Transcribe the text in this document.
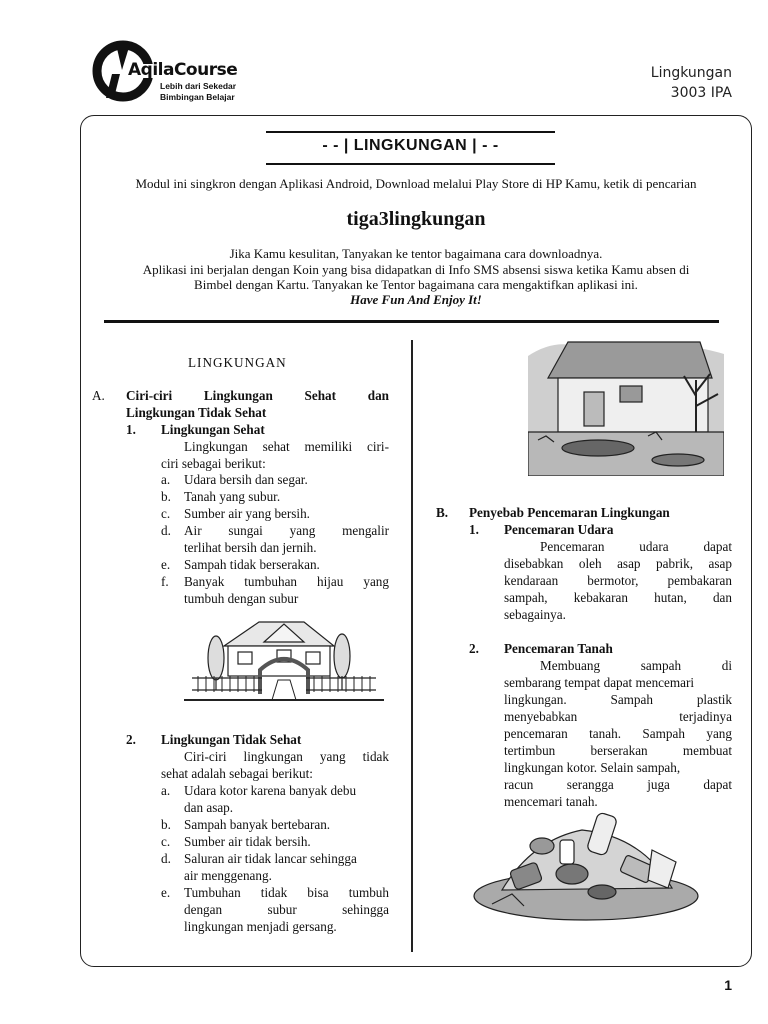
AqilaCourse
Lebih dari Sekedar
Bimbingan Belajar
Lingkungan
3003 IPA
- - | LINGKUNGAN | - -
Modul ini singkron dengan Aplikasi Android, Download melalui Play Store di HP Kamu, ketik di pencarian
tiga3lingkungan
Jika Kamu kesulitan, Tanyakan ke tentor bagaimana cara downloadnya.
Aplikasi ini berjalan dengan Koin yang bisa didapatkan di Info SMS absensi siswa ketika Kamu absen di
Bimbel dengan Kartu. Tanyakan ke Tentor bagaimana cara mengaktifkan aplikasi ini.
Have Fun And Enjoy It!
LINGKUNGAN
A. Ciri-ciri Lingkungan Sehat dan
Lingkungan Tidak Sehat
1. Lingkungan Sehat
Lingkungan sehat memiliki ciri-
ciri sebagai berikut:
a. Udara bersih dan segar.
b. Tanah yang subur.
c. Sumber air yang bersih.
d. Air sungai yang mengalir
terlihat bersih dan jernih.
e. Sampah tidak berserakan.
f. Banyak tumbuhan hijau yang
tumbuh dengan subur
2. Lingkungan Tidak Sehat
Ciri-ciri lingkungan yang tidak
sehat adalah sebagai berikut:
a. Udara kotor karena banyak debu
dan asap.
b. Sampah banyak bertebaran.
c. Sumber air tidak bersih.
d. Saluran air tidak lancar sehingga
air menggenang.
e. Tumbuhan tidak bisa tumbuh
dengan subur sehingga
lingkungan menjadi gersang.
B. Penyebab Pencemaran Lingkungan
1. Pencemaran Udara
Pencemaran udara dapat
disebabkan oleh asap pabrik, asap
kendaraan bermotor, pembakaran
sampah, kebakaran hutan, dan
sebagainya.
2. Pencemaran Tanah
Membuang sampah di
sembarang tempat dapat mencemari
lingkungan. Sampah plastik
menyebabkan terjadinya
pencemaran tanah. Sampah yang
tertimbun berserakan membuat
lingkungan kotor. Selain sampah,
racun serangga juga dapat
mencemari tanah.
1
